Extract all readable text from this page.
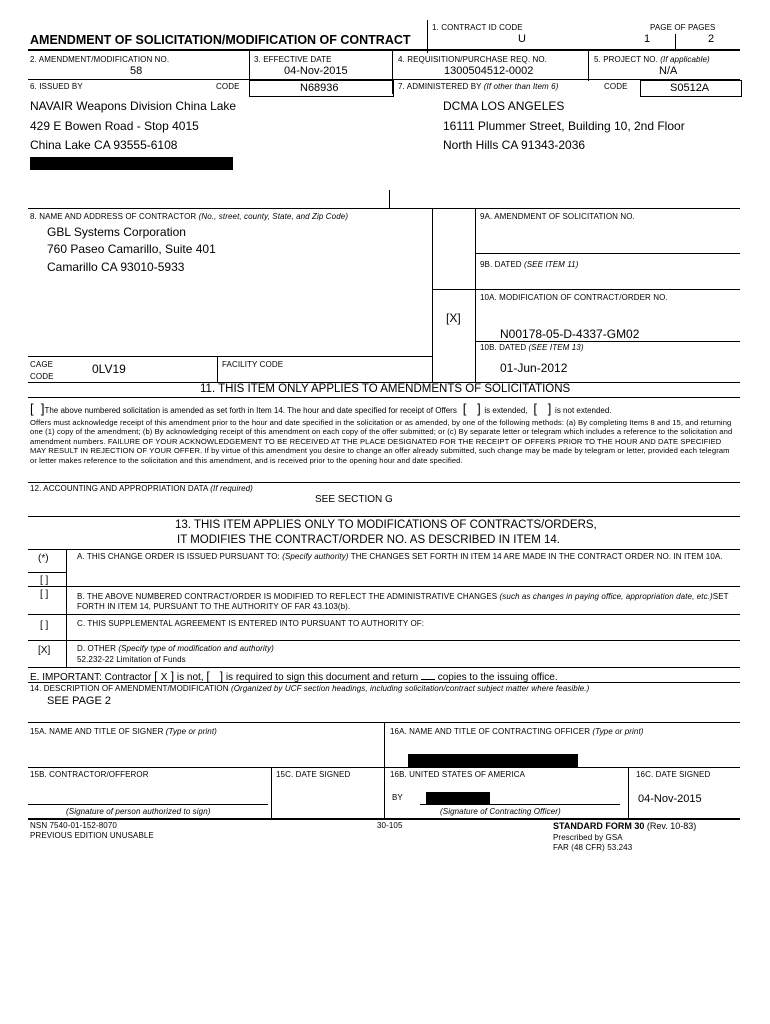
AMENDMENT OF SOLICITATION/MODIFICATION OF CONTRACT
1. CONTRACT ID CODE
U
PAGE OF PAGES
1	2
2. AMENDMENT/MODIFICATION NO.
58
3. EFFECTIVE DATE
04-Nov-2015
4. REQUISITION/PURCHASE REQ. NO.
1300504512-0002
5. PROJECT NO. (If applicable)
N/A
6. ISSUED BY	CODE	N68936	7. ADMINISTERED BY (If other than Item 6)	CODE	S0512A
NAVAIR Weapons Division China Lake
429 E Bowen Road - Stop 4015
China Lake CA 93555-6108
DCMA LOS ANGELES
16111 Plummer Street, Building 10, 2nd Floor
North Hills CA 91343-2036
8. NAME AND ADDRESS OF CONTRACTOR (No., street, county, State, and Zip Code)
GBL Systems Corporation
760 Paseo Camarillo, Suite 401
Camarillo CA 93010-5933
9A. AMENDMENT OF SOLICITATION NO.
9B. DATED (SEE ITEM 11)
10A. MODIFICATION OF CONTRACT/ORDER NO.
[X]
N00178-05-D-4337-GM02
10B. DATED (SEE ITEM 13)
01-Jun-2012
CAGE
CODE
0LV19	FACILITY CODE
11. THIS ITEM ONLY APPLIES TO AMENDMENTS OF SOLICITATIONS
[  ]The above numbered solicitation is amended as set forth in Item 14. The hour and date specified for receipt of Offers  [   ] is extended,  [   ] is not extended.
Offers must acknowledge receipt of this amendment prior to the hour and date specified in the solicitation or as amended, by one of the following methods: (a) By completing Items 8 and 15, and returning one (1) copy of the amendment; (b) By acknowledging receipt of this amendment on each copy of the offer submitted; or (c) By separate letter or telegram which includes a reference to the solicitation and amendment numbers. FAILURE OF YOUR ACKNOWLEDGEMENT TO BE RECEIVED AT THE PLACE DESIGNATED FOR THE RECEIPT OF OFFERS PRIOR TO THE HOUR AND DATE SPECIFIED MAY RESULT IN REJECTION OF YOUR OFFER. If by virtue of this amendment you desire to change an offer already submitted, such change may be made by telegram or letter, provided each telegram or letter makes reference to the solicitation and this amendment, and is received prior to the opening hour and date specified.
12. ACCOUNTING AND APPROPRIATION DATA (If required)
SEE SECTION G
13. THIS ITEM APPLIES ONLY TO MODIFICATIONS OF CONTRACTS/ORDERS,
IT MODIFIES THE CONTRACT/ORDER NO. AS DESCRIBED IN ITEM 14.
(*)	A. THIS CHANGE ORDER IS ISSUED PURSUANT TO: (Specify authority) THE CHANGES SET FORTH IN ITEM 14 ARE MADE IN THE CONTRACT ORDER NO. IN ITEM 10A.
[ ]
[ ]	B. THE ABOVE NUMBERED CONTRACT/ORDER IS MODIFIED TO REFLECT THE ADMINISTRATIVE CHANGES (such as changes in paying office, appropriation date, etc.)SET FORTH IN ITEM 14, PURSUANT TO THE AUTHORITY OF FAR 43.103(b).
[ ]	C. THIS SUPPLEMENTAL AGREEMENT IS ENTERED INTO PURSUANT TO AUTHORITY OF:
[X]	D. OTHER (Specify type of modification and authority)
52.232-22 Limitation of Funds
E. IMPORTANT: Contractor [ X ] is not, [   ] is required to sign this document and return copies to the issuing office.
14. DESCRIPTION OF AMENDMENT/MODIFICATION (Organized by UCF section headings, including solicitation/contract subject matter where feasible.)
SEE PAGE 2
15A. NAME AND TITLE OF SIGNER (Type or print)	16A. NAME AND TITLE OF CONTRACTING OFFICER (Type or print)
15B. CONTRACTOR/OFFEROR	15C. DATE SIGNED	16B. UNITED STATES OF AMERICA	16C. DATE SIGNED
BY	04-Nov-2015
(Signature of person authorized to sign)	(Signature of Contracting Officer)
NSN 7540-01-152-8070
PREVIOUS EDITION UNUSABLE
30-105	STANDARD FORM 30 (Rev. 10-83)
Prescribed by GSA
FAR (48 CFR) 53.243
